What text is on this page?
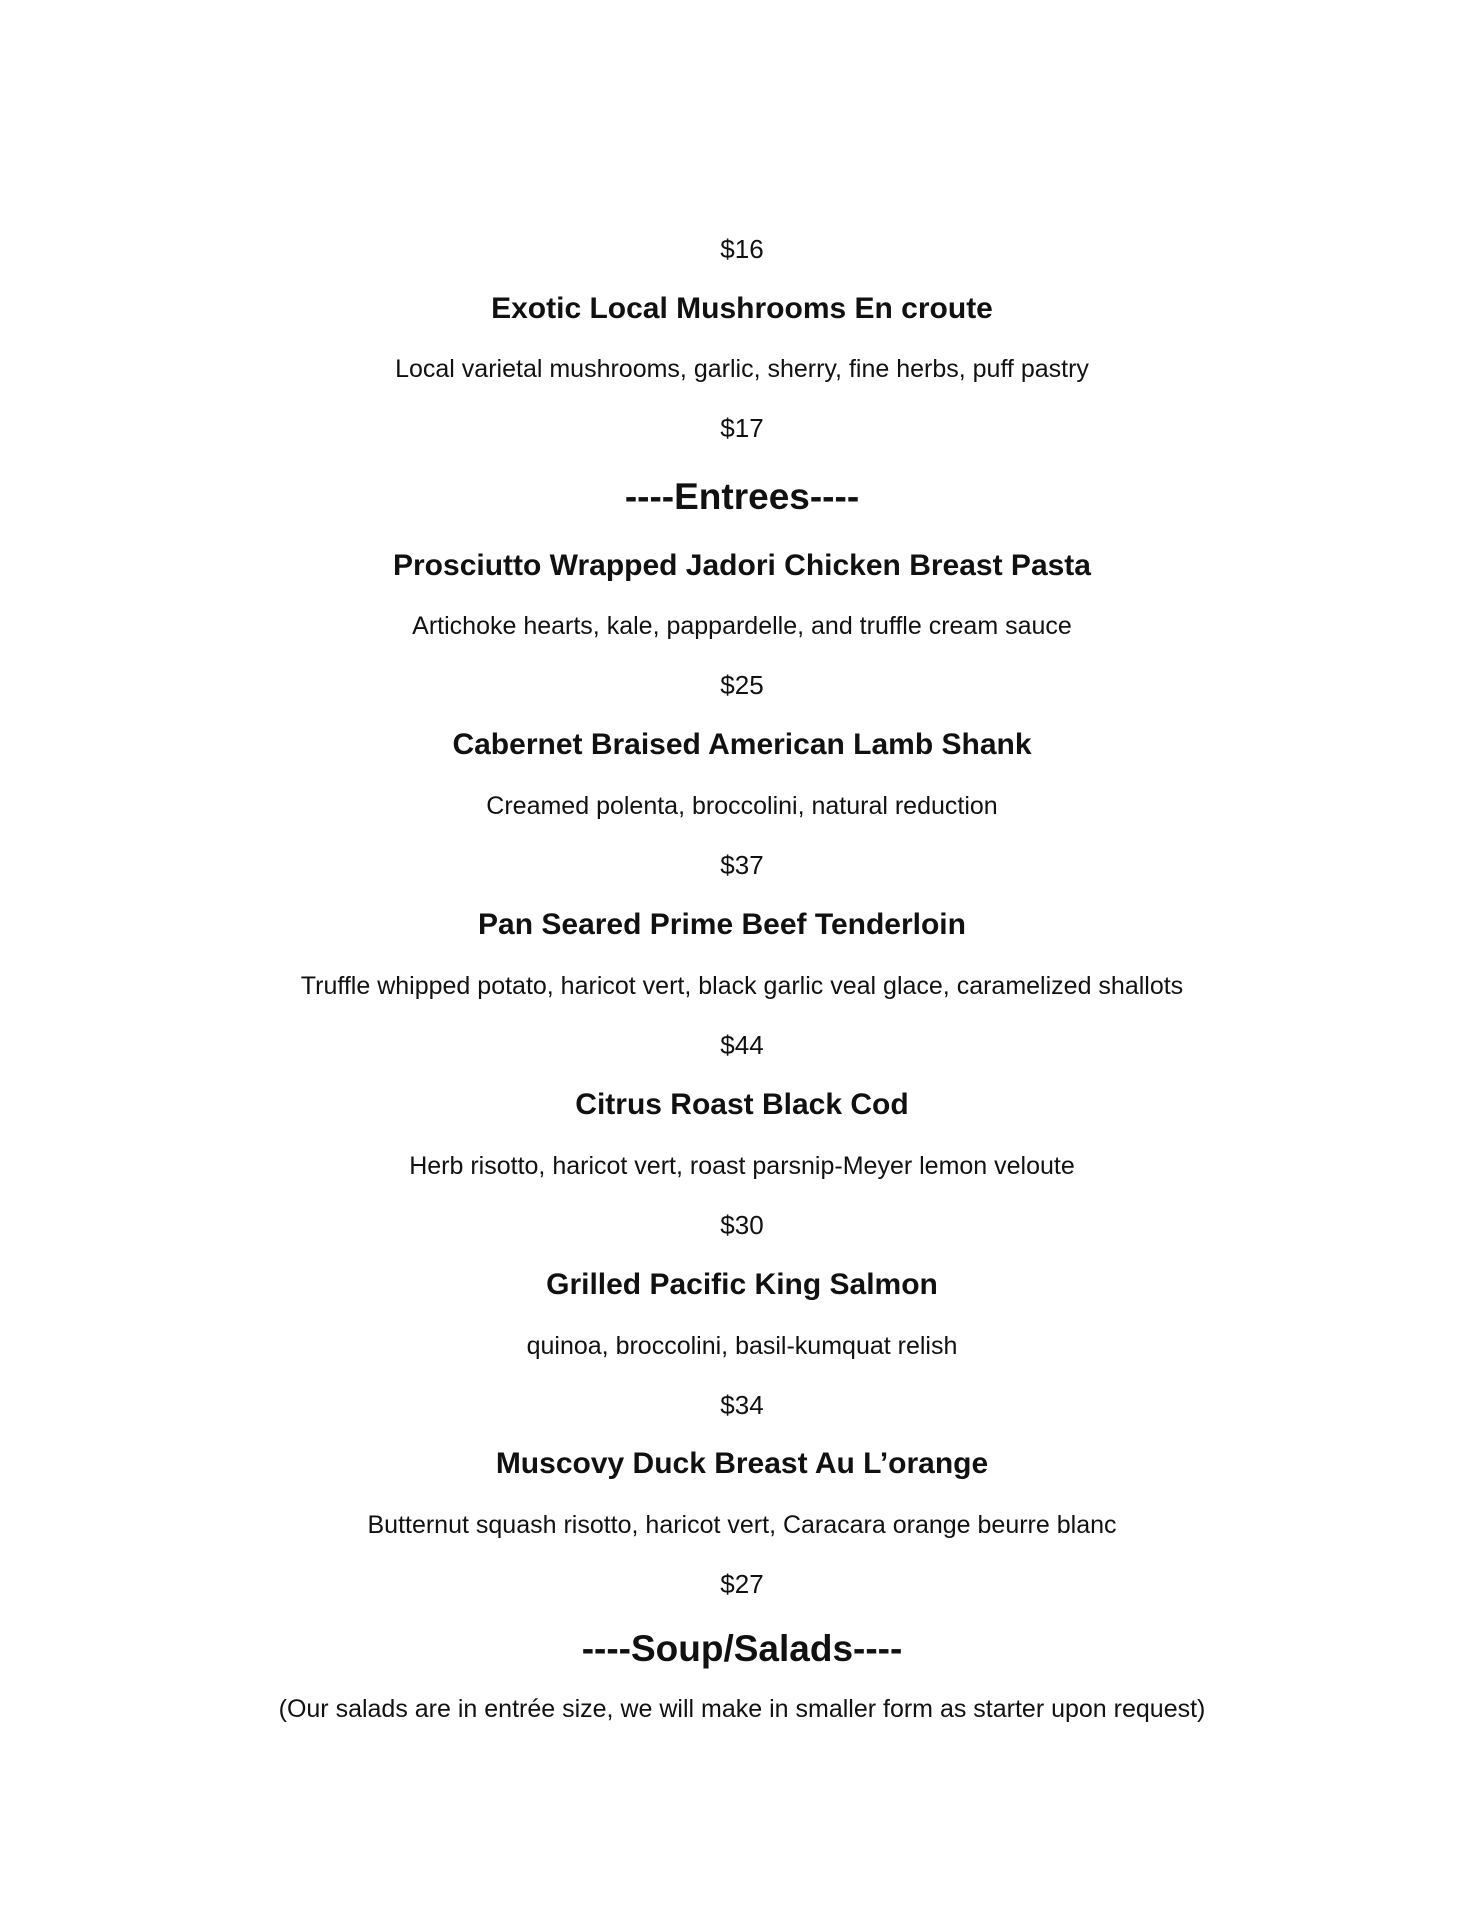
$16
Exotic Local Mushrooms En croute
Local varietal mushrooms, garlic, sherry, fine herbs, puff pastry
$17
----Entrees----
Prosciutto Wrapped Jadori Chicken Breast Pasta
Artichoke hearts, kale, pappardelle, and truffle cream sauce
$25
Cabernet Braised American Lamb Shank
Creamed polenta, broccolini, natural reduction
$37
Pan Seared Prime Beef Tenderloin
Truffle whipped potato, haricot vert, black garlic veal glace, caramelized shallots
$44
Citrus Roast Black Cod
Herb risotto, haricot vert, roast parsnip-Meyer lemon veloute
$30
Grilled Pacific King Salmon
quinoa, broccolini, basil-kumquat relish
$34
Muscovy Duck Breast Au L’orange
Butternut squash risotto, haricot vert, Caracara orange beurre blanc
$27
----Soup/Salads----
(Our salads are in entrée size, we will make in smaller form as starter upon request)
